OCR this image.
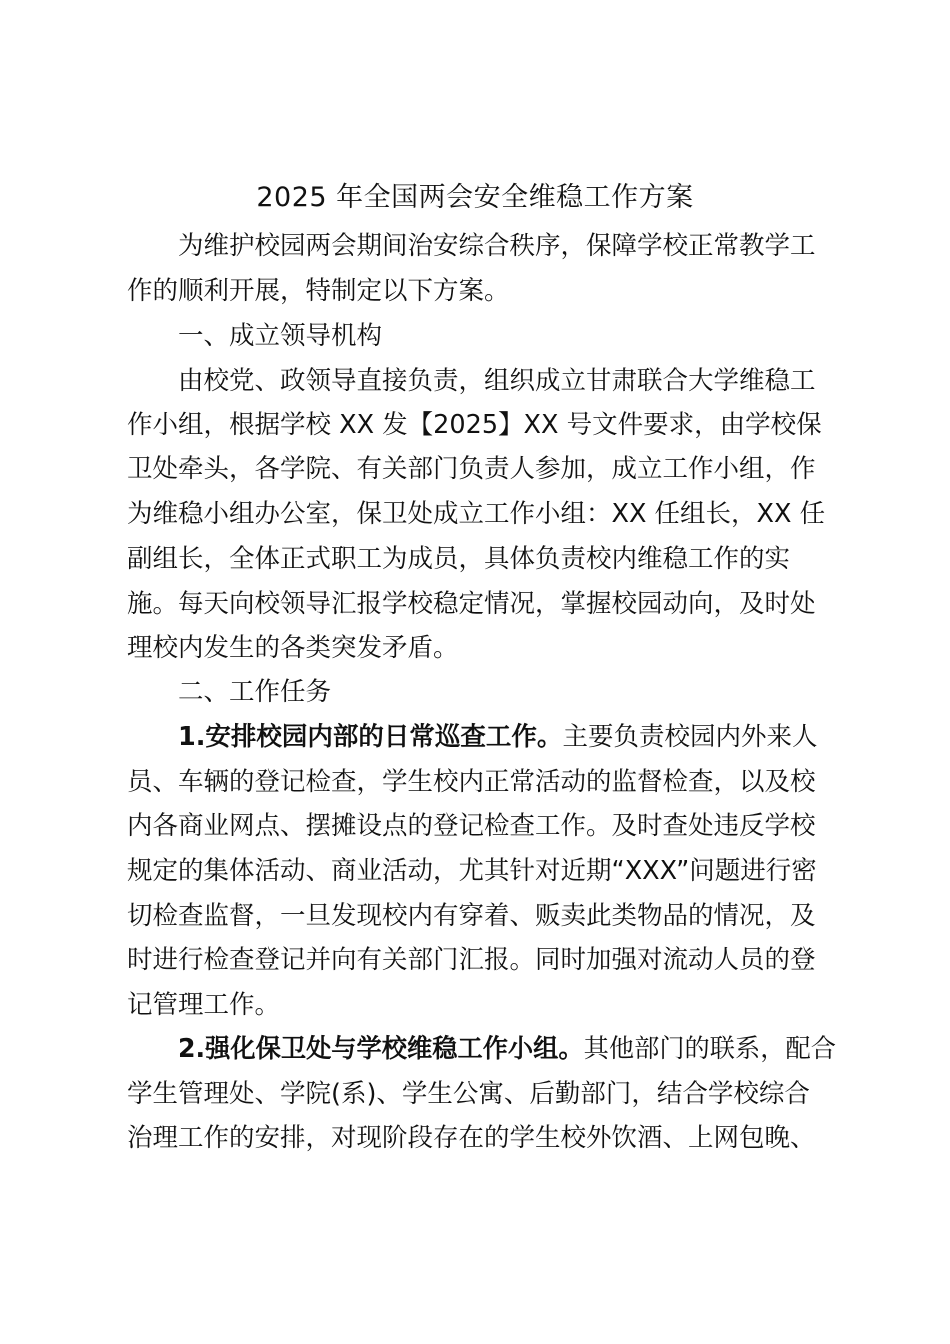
2025 年全国两会安全维稳工作方案
为维护校园两会期间治安综合秩序，保障学校正常教学工
作的顺利开展，特制定以下方案。
一、成立领导机构
由校党、政领导直接负责，组织成立甘肃联合大学维稳工
作小组，根据学校 XX 发【2025】XX 号文件要求，由学校保
卫处牵头，各学院、有关部门负责人参加，成立工作小组，作
为维稳小组办公室，保卫处成立工作小组：XX 任组长，XX 任
副组长，全体正式职工为成员，具体负责校内维稳工作的实
施。每天向校领导汇报学校稳定情况，掌握校园动向，及时处
理校内发生的各类突发矛盾。
二、工作任务
1.安排校园内部的日常巡查工作。主要负责校园内外来人
员、车辆的登记检查，学生校内正常活动的监督检查，以及校
内各商业网点、摆摊设点的登记检查工作。及时查处违反学校
规定的集体活动、商业活动，尤其针对近期“XXX”问题进行密
切检查监督，一旦发现校内有穿着、贩卖此类物品的情况，及
时进行检查登记并向有关部门汇报。同时加强对流动人员的登
记管理工作。
2.强化保卫处与学校维稳工作小组。其他部门的联系，配合
学生管理处、学院(系)、学生公寓、后勤部门，结合学校综合
治理工作的安排，对现阶段存在的学生校外饮酒、上网包晚、
